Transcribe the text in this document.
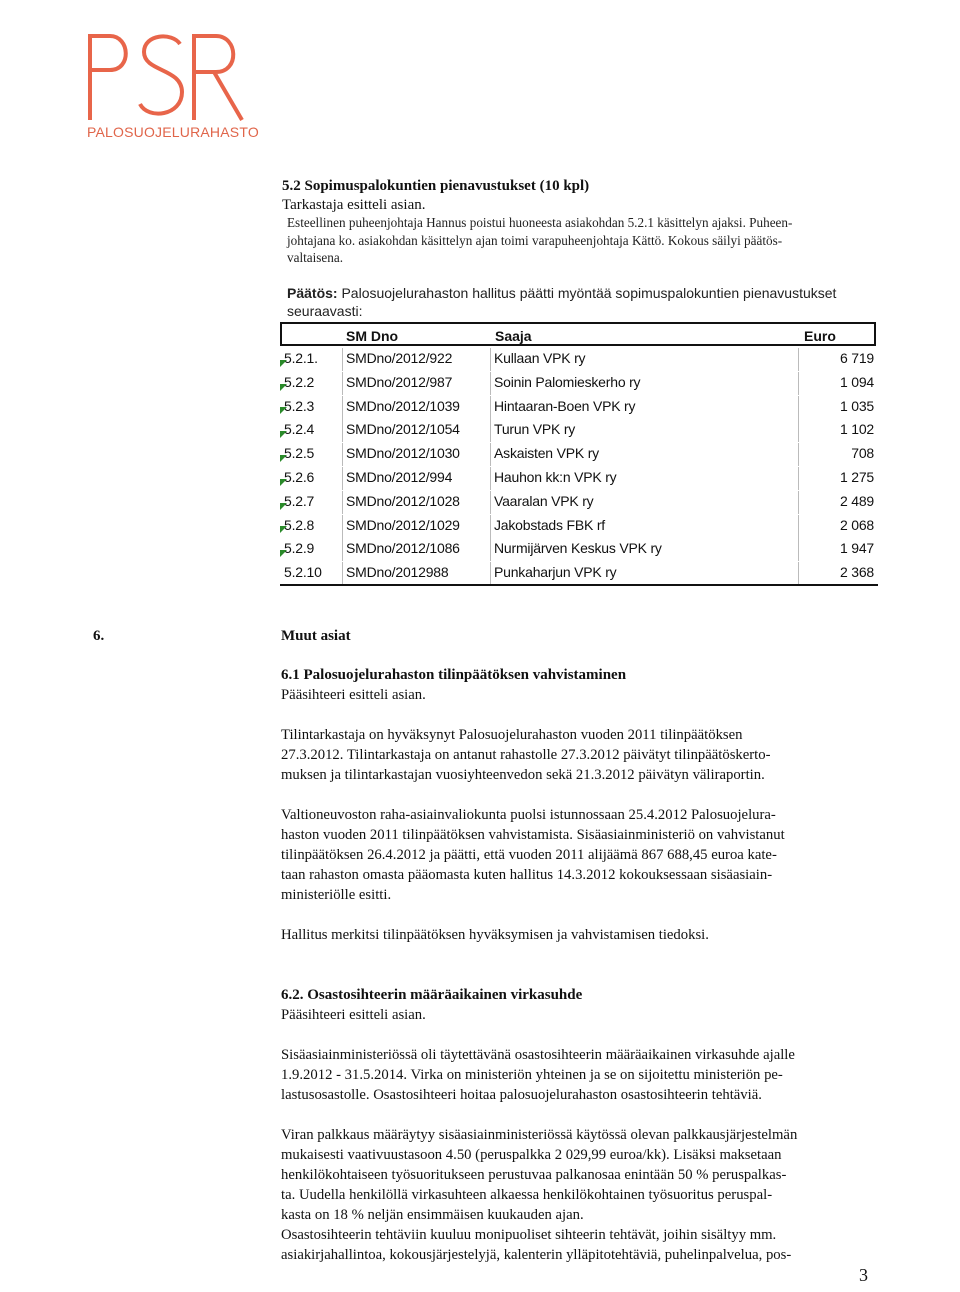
PALOSUOJELURAHASTO
5.2 Sopimuspalokuntien pienavustukset (10 kpl)
Tarkastaja esitteli asian.
Esteellinen puheenjohtaja Hannus poistui huoneesta asiakohdan 5.2.1 käsittelyn ajaksi. Puheen-
johtajana ko. asiakohdan käsittelyn ajan toimi varapuheenjohtaja Kättö. Kokous säilyi päätös-
valtaisena.
Päätös: Palosuojelurahaston hallitus päätti myöntää sopimuspalokuntien pienavustukset
seuraavasti:
SM Dno	Saaja	Euro
5.2.1. SMDno/2012/922	Kullaan VPK ry	6 719
5.2.2 SMDno/2012/987	Soinin Palomieskerho ry	1 094
5.2.3 SMDno/2012/1039 Hintaaran-Boen VPK ry	1 035
5.2.4 SMDno/2012/1054 Turun VPK ry	1 102
5.2.5 SMDno/2012/1030 Askaisten VPK ry	708
5.2.6 SMDno/2012/994	Hauhon kk:n VPK ry	1 275
5.2.7 SMDno/2012/1028 Vaaralan VPK ry	2 489
5.2.8 SMDno/2012/1029 Jakobstads FBK rf	2 068
5.2.9 SMDno/2012/1086 Nurmijärven Keskus VPK ry	1 947
5.2.10 SMDno/2012988	Punkaharjun VPK ry	2 368
6.	Muut asiat
6.1 Palosuojelurahaston tilinpäätöksen vahvistaminen
Pääsihteeri esitteli asian.
Tilintarkastaja on hyväksynyt Palosuojelurahaston vuoden 2011 tilinpäätöksen
27.3.2012. Tilintarkastaja on antanut rahastolle 27.3.2012 päivätyt tilinpäätöskerto-
muksen ja tilintarkastajan vuosiyhteenvedon sekä 21.3.2012 päivätyn väliraportin.
Valtioneuvoston raha-asiainvaliokunta puolsi istunnossaan 25.4.2012 Palosuojelura-
haston vuoden 2011 tilinpäätöksen vahvistamista. Sisäasiainministeriö on vahvistanut
tilinpäätöksen 26.4.2012 ja päätti, että vuoden 2011 alijäämä 867 688,45 euroa kate-
taan rahaston omasta pääomasta kuten hallitus 14.3.2012 kokouksessaan sisäasiain-
ministeriölle esitti.
Hallitus merkitsi tilinpäätöksen hyväksymisen ja vahvistamisen tiedoksi.
6.2. Osastosihteerin määräaikainen virkasuhde
Pääsihteeri esitteli asian.
Sisäasiainministeriössä oli täytettävänä osastosihteerin määräaikainen virkasuhde ajalle
1.9.2012 - 31.5.2014. Virka on ministeriön yhteinen ja se on sijoitettu ministeriön pe-
lastusosastolle. Osastosihteeri hoitaa palosuojelurahaston osastosihteerin tehtäviä.
Viran palkkaus määräytyy sisäasiainministeriössä käytössä olevan palkkausjärjestelmän
mukaisesti vaativuustasoon 4.50 (peruspalkka 2 029,99 euroa/kk). Lisäksi maksetaan
henkilökohtaiseen työsuoritukseen perustuvaa palkanosaa enintään 50 % peruspalkas-
ta. Uudella henkilöllä virkasuhteen alkaessa henkilökohtainen työsuoritus peruspal-
kasta on 18 % neljän ensimmäisen kuukauden ajan.
Osastosihteerin tehtäviin kuuluu monipuoliset sihteerin tehtävät, joihin sisältyy mm.
asiakirjahallintoa, kokousjärjestelyjä, kalenterin ylläpitotehtäviä, puhelinpalvelua, pos-
3
